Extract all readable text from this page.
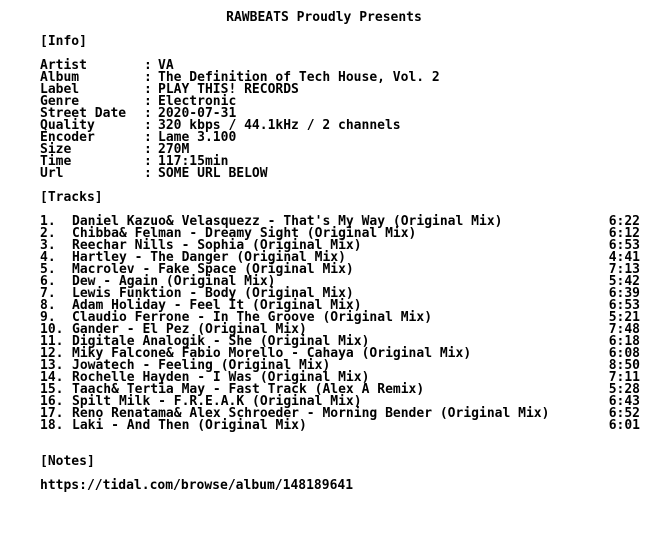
RAWBEATS Proudly Presents
[Info]
Artist	: VA
Album	: The Definition of Tech House, Vol. 2
Label	: PLAY THIS! RECORDS
Genre	: Electronic
Street Date : 2020-07-31
Quality	: 320 kbps / 44.1kHz / 2 channels
Encoder	: Lame 3.100
Size	: 270M
Time	: 117:15min
Url	: SOME URL BELOW
[Tracks]
1. Daniel Kazuo& Velasquezz - That's My Way (Original Mix)	6:22
2. Chibba& Felman - Dreamy Sight (Original Mix)	6:12
3. Reechar Nills - Sophia (Original Mix)	6:53
4. Hartley - The Danger (Original Mix)	4:41
5. Macrolev - Fake Space (Original Mix)	7:13
6. Dew - Again (Original Mix)	5:42
7. Lewis Funktion - Body (Original Mix)	6:39
8. Adam Holiday - Feel It (Original Mix)	6:53
9. Claudio Ferrone - In The Groove (Original Mix)	5:21
10. Gander - El Pez (Original Mix)	7:48
11. Digitale Analogik - She (Original Mix)	6:18
12. Miky Falcone& Fabio Morello - Cahaya (Original Mix)	6:08
13. Jowatech - Feeling (Original Mix)	8:50
14. Rochelle Hayden - I Was (Original Mix)	7:11
15. Taach& Tertia May - Fast Track (Alex A Remix)	5:28
16. Spilt Milk - F.R.E.A.K (Original Mix)	6:43
17. Reno Renatama& Alex Schroeder - Morning Bender (Original Mix)	6:52
18. Laki - And Then (Original Mix)	6:01
[Notes]
https://tidal.com/browse/album/148189641
